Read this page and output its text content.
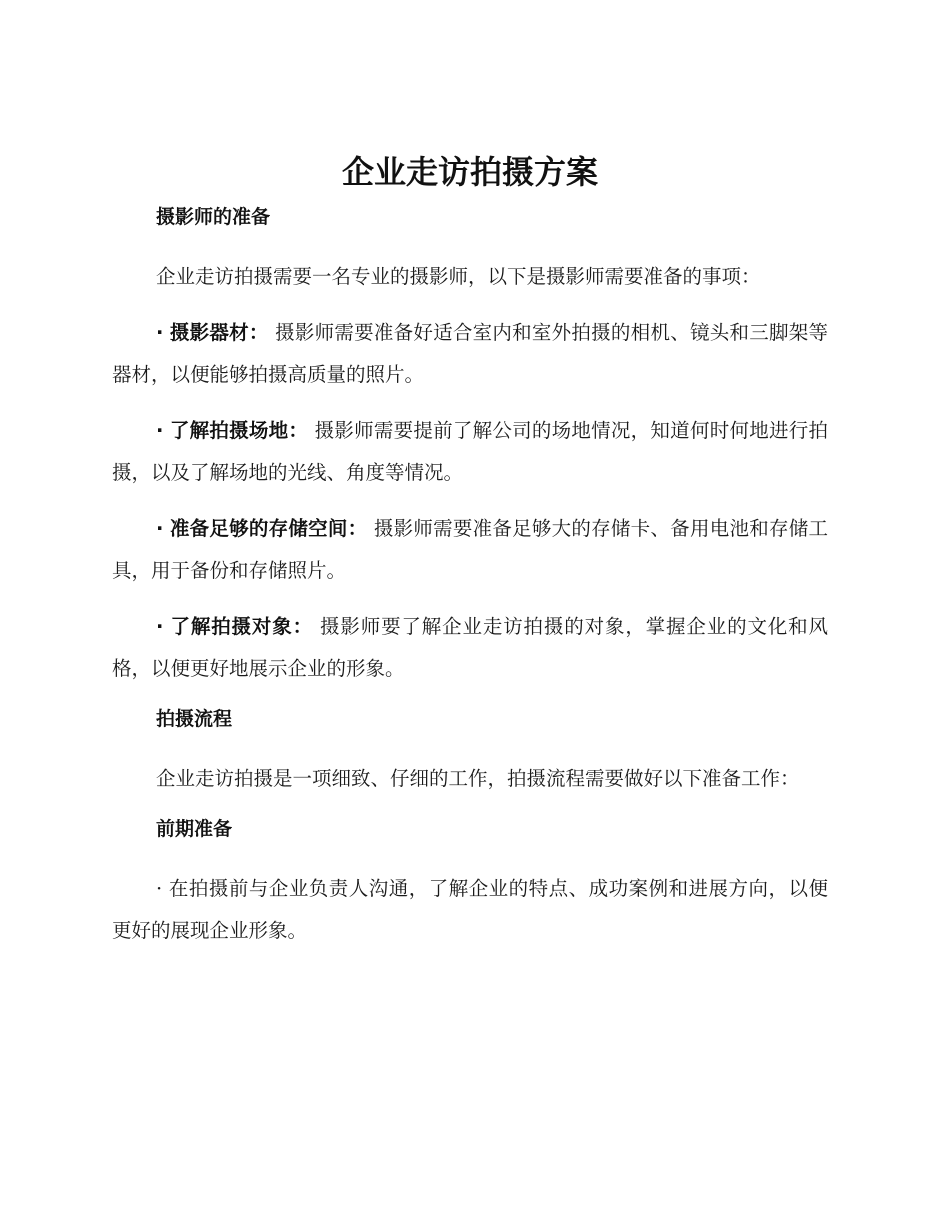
企业走访拍摄方案
摄影师的准备

企业走访拍摄需要一名专业的摄影师，以下是摄影师需要准备的事项：

· 摄影器材： 摄影师需要准备好适合室内和室外拍摄的相机、镜头和三脚架等器材，以便能够拍摄高质量的照片。

· 了解拍摄场地： 摄影师需要提前了解公司的场地情况，知道何时何地进行拍摄，以及了解场地的光线、角度等情况。

· 准备足够的存储空间： 摄影师需要准备足够大的存储卡、备用电池和存储工具，用于备份和存储照片。

· 了解拍摄对象： 摄影师要了解企业走访拍摄的对象，掌握企业的文化和风格，以便更好地展示企业的形象。

拍摄流程

企业走访拍摄是一项细致、仔细的工作，拍摄流程需要做好以下准备工作：

前期准备

· 在拍摄前与企业负责人沟通，了解企业的特点、成功案例和进展方向，以便更好的展现企业形象。
